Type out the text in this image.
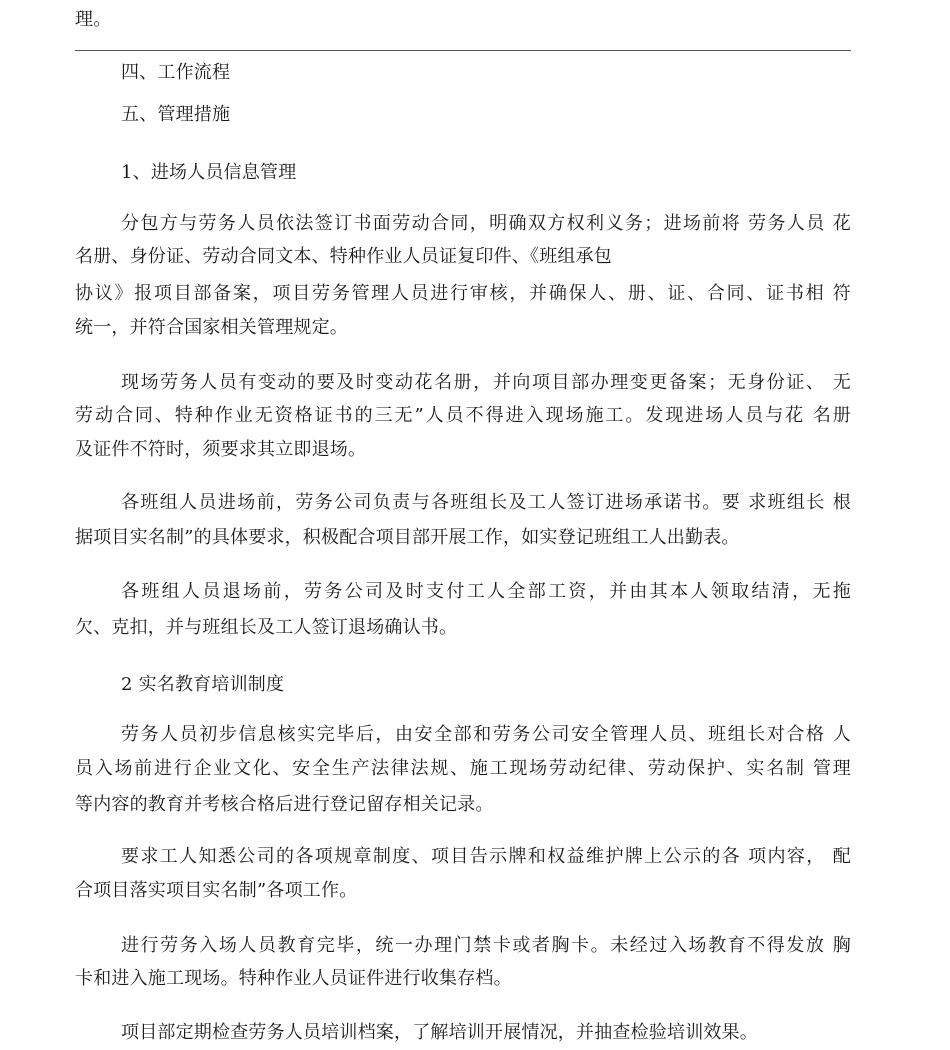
理。
四、工作流程
五、管理措施
1、进场人员信息管理
分包方与劳务人员依法签订书面劳动合同，明确双方权利义务；进场前将 劳务人员 花
名册、身份证、劳动合同文本、特种作业人员证复印件、《班组承包
协议》报项目部备案，项目劳务管理人员进行审核，并确保人、册、证、合同、证书相 符
统一，并符合国家相关管理规定。
现场劳务人员有变动的要及时变动花名册，并向项目部办理变更备案；无身份证、 无
劳动合同、特种作业无资格证书的三无”人员不得进入现场施工。发现进场人员与花 名册
及证件不符时，须要求其立即退场。
各班组人员进场前，劳务公司负责与各班组长及工人签订进场承诺书。要 求班组长 根
据项目实名制”的具体要求，积极配合项目部开展工作，如实登记班组工人出勤表。
各班组人员退场前，劳务公司及时支付工人全部工资，并由其本人领取结清，无拖
欠、克扣，并与班组长及工人签订退场确认书。
2 实名教育培训制度
劳务人员初步信息核实完毕后，由安全部和劳务公司安全管理人员、班组长对合格 人
员入场前进行企业文化、安全生产法律法规、施工现场劳动纪律、劳动保护、实名制 管理
等内容的教育并考核合格后进行登记留存相关记录。
要求工人知悉公司的各项规章制度、项目告示牌和权益维护牌上公示的各 项内容， 配
合项目落实项目实名制”各项工作。
进行劳务入场人员教育完毕，统一办理门禁卡或者胸卡。未经过入场教育不得发放 胸
卡和进入施工现场。特种作业人员证件进行收集存档。
项目部定期检查劳务人员培训档案，了解培训开展情况，并抽查检验培训效果。
